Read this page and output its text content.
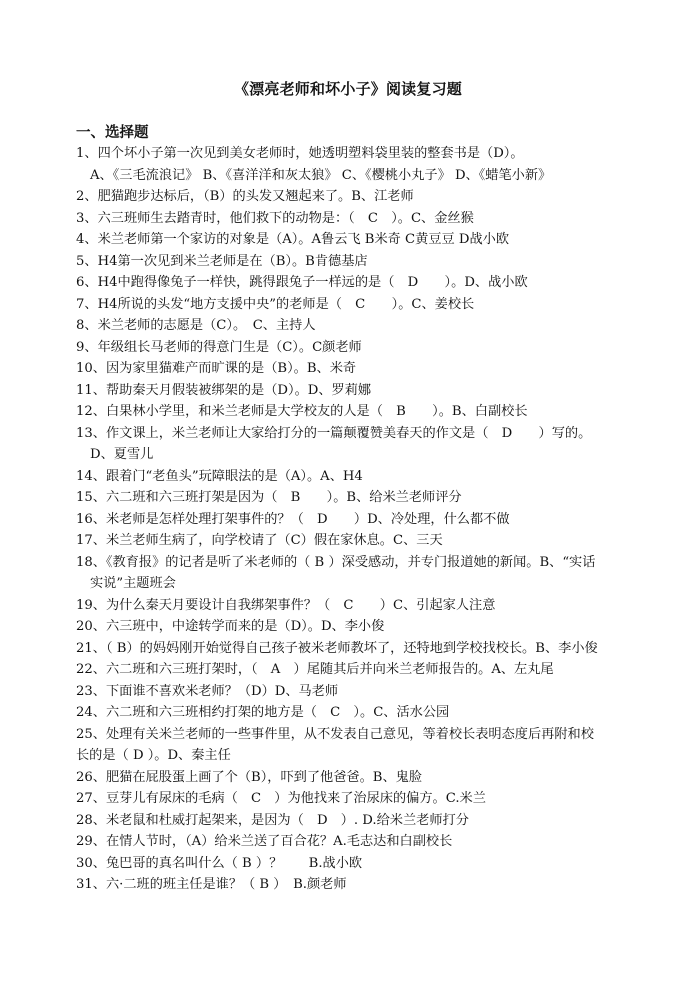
《漂亮老师和坏小子》阅读复习题
一、选择题
1、四个坏小子第一次见到美女老师时，她透明塑料袋里装的整套书是（D）。
A、《三毛流浪记》 B、《喜洋洋和灰太狼》 C、《樱桃小丸子》 D、《蜡笔小新》
2、肥猫跑步达标后，（B）的头发又翘起来了。B、江老师
3、六三班师生去踏青时，他们救下的动物是：（　C　）。C、金丝猴
4、米兰老师第一个家访的对象是（A）。A鲁云飞 B米奇 C黄豆豆 D战小欧
5、H4第一次见到米兰老师是在（B）。B肯德基店
6、H4中跑得像兔子一样快，跳得跟兔子一样远的是（　D　　）。D、战小欧
7、H4所说的头发“地方支援中央”的老师是（　C　　）。C、姜校长
8、米兰老师的志愿是（C）。　C、主持人
9、年级组长马老师的得意门生是（C）。C颜老师
10、因为家里猫难产而旷课的是（B）。B、米奇
11、帮助秦天月假装被绑架的是（D）。D、罗莉娜
12、白果林小学里，和米兰老师是大学校友的人是（　B　　）。B、白副校长
13、作文课上，米兰老师让大家给打分的一篇颠覆赞美春天的作文是（　D　　）写的。
D、夏雪儿
14、跟着门“老鱼头”玩障眼法的是（A）。A、H4
15、六二班和六三班打架是因为（　B　　）。B、给米兰老师评分
16、米老师是怎样处理打架事件的？（　D　　）D、冷处理，什么都不做
17、米兰老师生病了，向学校请了（C）假在家休息。C、三天
18、《教育报》的记者是听了米老师的（ B ）深受感动，并专门报道她的新闻。B、“实话
实说”主题班会
19、为什么秦天月要设计自我绑架事件？（　C　　）C、引起家人注意
20、六三班中，中途转学而来的是（D）。D、李小俊
21、（ B）的妈妈刚开始觉得自己孩子被米老师教坏了，还特地到学校找校长。B、李小俊
22、六二班和六三班打架时，（　A　）尾随其后并向米兰老师报告的。A、左丸尾
23、下面谁不喜欢米老师？（D）D、马老师
24、六二班和六三班相约打架的地方是（　C　）。C、活水公园
25、处理有关米兰老师的一些事件里，从不发表自己意见，等着校长表明态度后再附和校
长的是（ D ）。D、秦主任
26、肥猫在屁股蛋上画了个（B），吓到了他爸爸。B、鬼脸
27、豆芽儿有尿床的毛病（　C　）为他找来了治尿床的偏方。C.米兰
28、米老鼠和杜威打起架来，是因为（　D　）. D.给米兰老师打分
29、在情人节时，（A）给米兰送了百合花？A.毛志达和白副校长
30、兔巴哥的真名叫什么（ B ）？　　B.战小欧
31、六·二班的班主任是谁？（ B ）　B.颜老师
